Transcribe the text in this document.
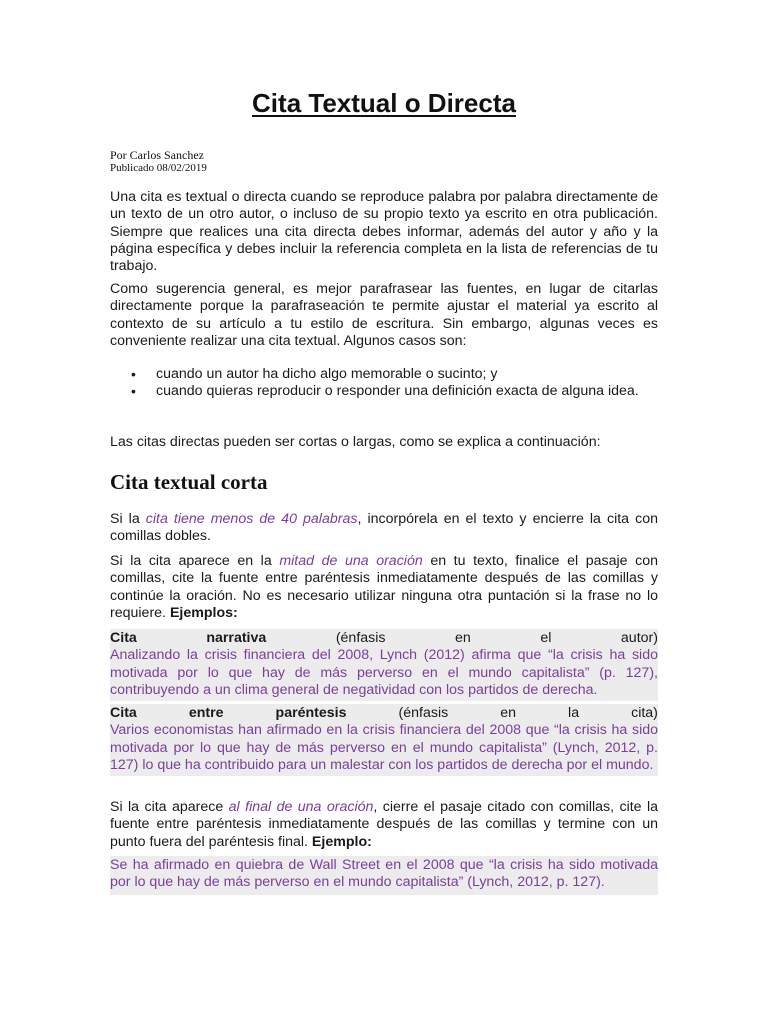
Cita Textual o Directa
Por Carlos Sanchez
Publicado 08/02/2019

Una cita es textual o directa cuando se reproduce palabra por palabra directamente de un texto de un otro autor, o incluso de su propio texto ya escrito en otra publicación. Siempre que realices una cita directa debes informar, además del autor y año y la página específica y debes incluir la referencia completa en la lista de referencias de tu trabajo.

Como sugerencia general, es mejor parafrasear las fuentes, en lugar de citarlas directamente porque la parafraseación te permite ajustar el material ya escrito al contexto de su artículo a tu estilo de escritura. Sin embargo, algunas veces es conveniente realizar una cita textual. Algunos casos son:

• cuando un autor ha dicho algo memorable o sucinto; y
• cuando quieras reproducir o responder una definición exacta de alguna idea.

Las citas directas pueden ser cortas o largas, como se explica a continuación:

Cita textual corta

Si la cita tiene menos de 40 palabras, incorpórela en el texto y encierre la cita con comillas dobles.

Si la cita aparece en la mitad de una oración en tu texto, finalice el pasaje con comillas, cite la fuente entre paréntesis inmediatamente después de las comillas y continúe la oración. No es necesario utilizar ninguna otra puntación si la frase no lo requiere. Ejemplos:

Cita	narrativa	(énfasis	en	el	autor)

Analizando la crisis financiera del 2008, Lynch (2012) afirma que “la crisis ha sido motivada por lo que hay de más perverso en el mundo capitalista” (p. 127), contribuyendo a un clima general de negatividad con los partidos de derecha.

Cita	entre	paréntesis	(énfasis	en	la	cita)

Varios economistas han afirmado en la crisis financiera del 2008 que “la crisis ha sido motivada por lo que hay de más perverso en el mundo capitalista” (Lynch, 2012, p. 127) lo que ha contribuido para un malestar con los partidos de derecha por el mundo.

Si la cita aparece al final de una oración, cierre el pasaje citado con comillas, cite la fuente entre paréntesis inmediatamente después de las comillas y termine con un punto fuera del paréntesis final. Ejemplo:

Se ha afirmado en quiebra de Wall Street en el 2008 que “la crisis ha sido motivada por lo que hay de más perverso en el mundo capitalista” (Lynch, 2012, p. 127).
